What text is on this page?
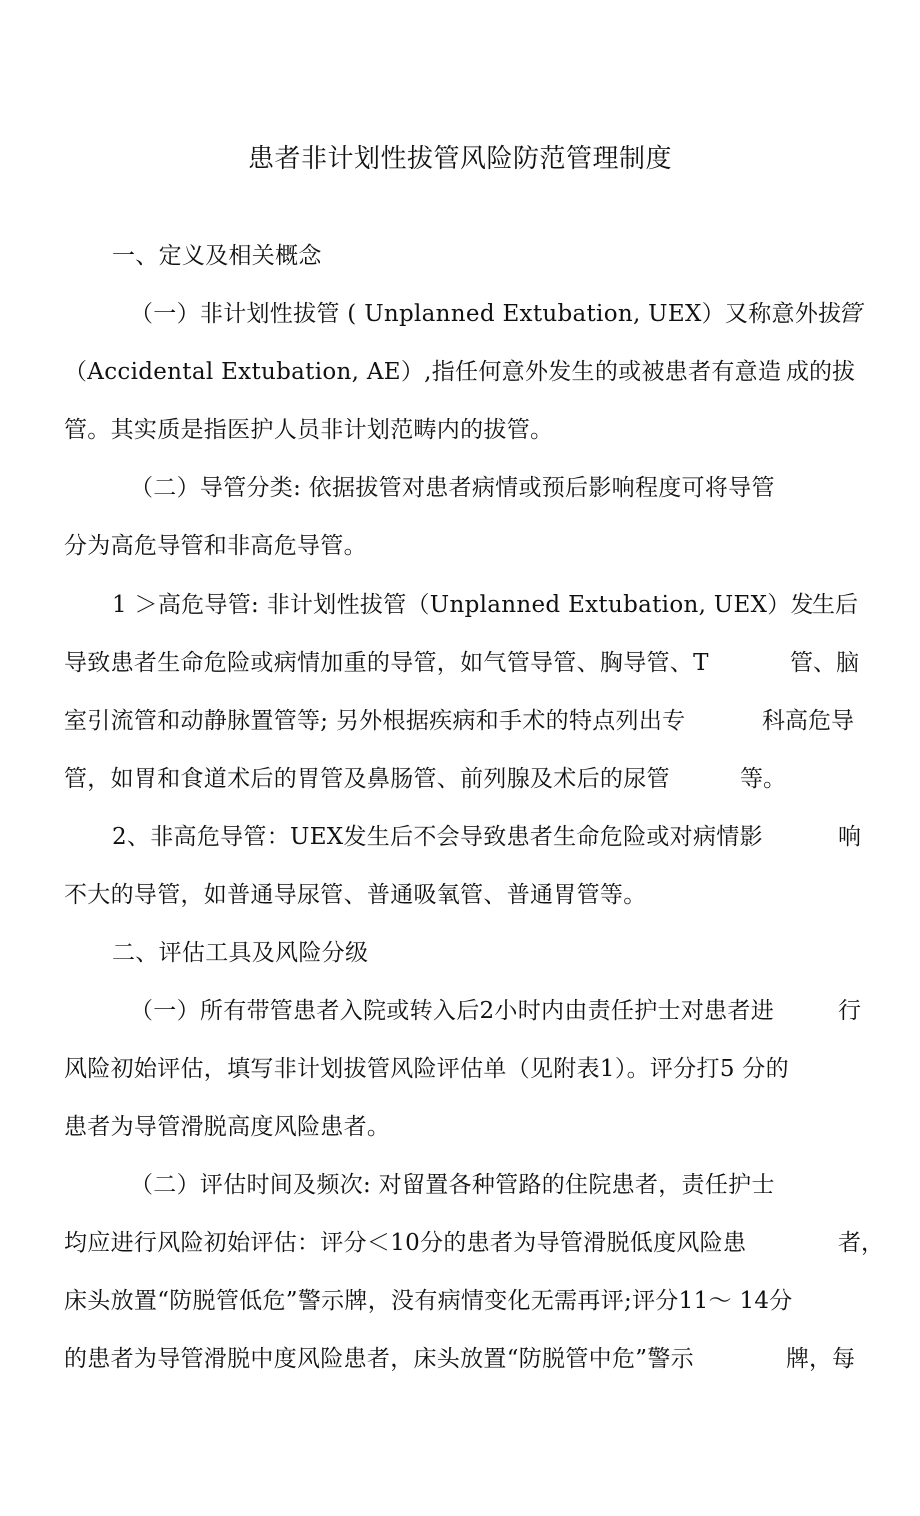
患者非计划性拔管风险防范管理制度
一、定义及相关概念
（一）非计划性拔管 ( Unplanned Extubation, UEX）又称意外拔
管
（Accidental Extubation, AE）,指任何意外发生的或被患者有意造 成的拔
管。其实质是指医护人员非计划范畴内的拔管。
（二）导管分类: 依据拔管对患者病情或预后影响程度可将导管
分为高危导管和非高危导管。
1 ＞高危导管: 非计划性拔管（Unplanned Extubation, UEX）发
生后
导致患者生命危险或病情加重的导管，如气管导管、胸导管、T	管、脑
室引流管和动静脉置管等; 另外根据疾病和手术的特点列出专	科高危导
管，如胃和食道术后的胃管及鼻肠管、前列腺及术后的尿管	等。
2、非高危导管：UEX发生后不会导致患者生命危险或对病情影	响
不大的导管，如普通导尿管、普通吸氧管、普通胃管等。
二、评估工具及风险分级
（一）所有带管患者入院或转入后2小时内由责任护士对患者进	行
风险初始评估，填写非计划拔管风险评估单（见附表1）。评分打5 分的
患者为导管滑脱高度风险患者。
（二）评估时间及频次: 对留置各种管路的住院患者，责任护士
均应进行风险初始评估：评分＜10分的患者为导管滑脱低度风险患	者，
床头放置“防脱管低危”警示牌，没有病情变化无需再评;评分11〜 14分
的患者为导管滑脱中度风险患者，床头放置“防脱管中危”警示	牌，每
